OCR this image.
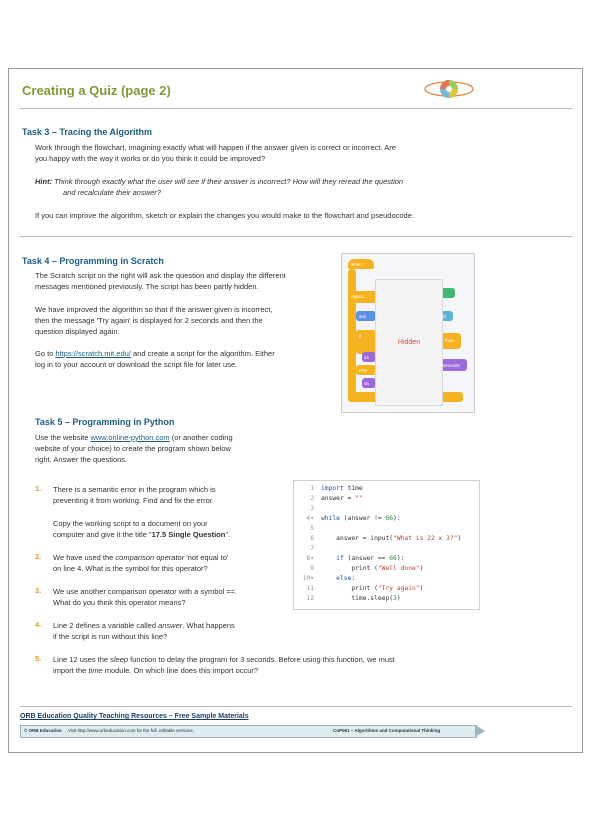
Creating a Quiz (page 2)
Task 3 – Tracing the Algorithm
Work through the flowchart, imagining exactly what will happen if the answer given is correct or incorrect. Are
you happy with the way it works or do you think it could be improved?
Hint: Think through exactly what the user will see if their answer is incorrect? How will they reread the question
and recalculate their answer?
If you can improve the algorithm, sketch or explain the changes you would make to the flowchart and pseudocode.
Task 4 – Programming in Scratch
The Scratch script on the right will ask the question and display the different
messages mentioned previously. The script has been partly hidden.
We have improved the algorithm so that if the answer given is incorrect,
then the message 'Try again' is displayed for 2 seconds and then the
question displayed again.
Go to https://scratch.mit.edu/ and create a script for the algorithm. Either
log in to your account or download the script file for later use.
when
repeat
ask
if
sa
else
sa
til
then
seconds
Hidden
Task 5 – Programming in Python
Use the website www.online-python.com (or another coding
website of your choice) to create the program shown below
right. Answer the questions.
1. There is a semantic error in the program which is
preventing it from working. Find and fix the error.
Copy the working script to a document on your
computer and give it the title "17.5 Single Question".
2. We have used the comparison operator 'not equal to'
on line 4. What is the symbol for this operator?
3. We use another comparison operator with a symbol ==.
What do you think this operator means?
4. Line 2 defines a variable called answer. What happens
if the script is run without this line?
5. Line 12 uses the sleep function to delay the program for 3 seconds. Before using this function, we must
import the time module. On which line does this import occur?
1 import time
2 answer = ""
3
4▾ while (answer != 66):
5
6 answer = input("What is 22 x 3?")
7
8▾ if (answer == 66):
9 print ("Well done")
10▾ else:
11 print ("Try again")
12 time.sleep(3)
ORB Education Quality Teaching Resources – Free Sample Materials
© ORB Education Visit http://www.orbeducation.com for the full, editable versions.	CoP061 – Algorithms and Computational Thinking
